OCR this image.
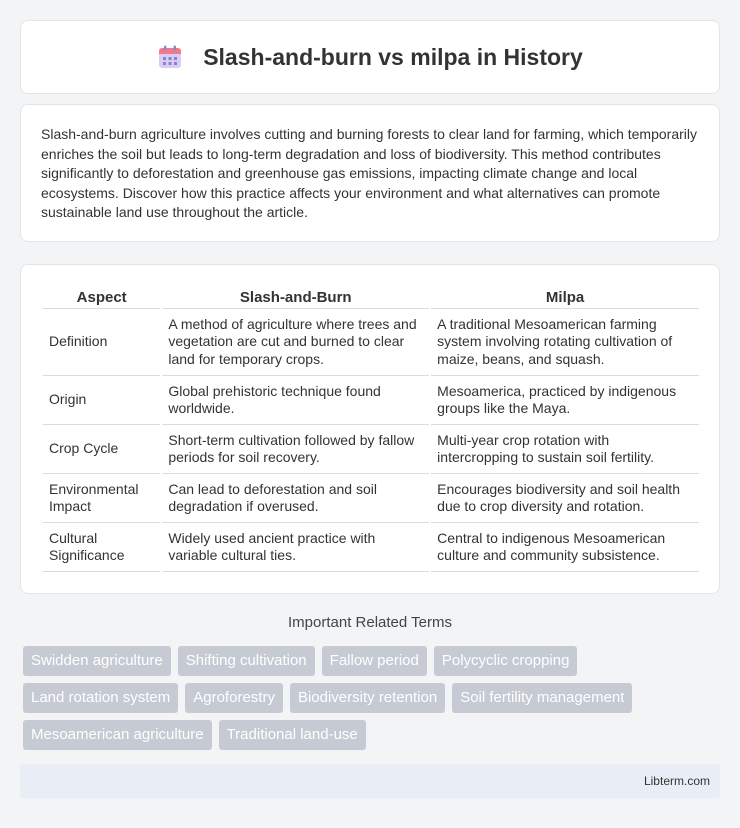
Slash-and-burn vs milpa in History

Slash-and-burn agriculture involves cutting and burning forests to clear land for farming, which temporarily enriches the soil but leads to long-term degradation and loss of biodiversity. This method contributes significantly to deforestation and greenhouse gas emissions, impacting climate change and local ecosystems. Discover how this practice affects your environment and what alternatives can promote sustainable land use throughout the article.

Aspect	Slash-and-Burn	Milpa
Definition	A method of agriculture where trees and vegetation are cut and burned to clear land for temporary crops.	A traditional Mesoamerican farming system involving rotating cultivation of maize, beans, and squash.
Origin	Global prehistoric technique found worldwide.	Mesoamerica, practiced by indigenous groups like the Maya.
Crop Cycle	Short-term cultivation followed by fallow periods for soil recovery.	Multi-year crop rotation with intercropping to sustain soil fertility.
Environmental Impact	Can lead to deforestation and soil degradation if overused.	Encourages biodiversity and soil health due to crop diversity and rotation.
Cultural Significance	Widely used ancient practice with variable cultural ties.	Central to indigenous Mesoamerican culture and community subsistence.
Important Related Terms
Swidden agriculture	Shifting cultivation	Fallow period	Polycyclic cropping
Land rotation system	Agroforestry	Biodiversity retention	Soil fertility management
Mesoamerican agriculture	Traditional land-use
Libterm.com
